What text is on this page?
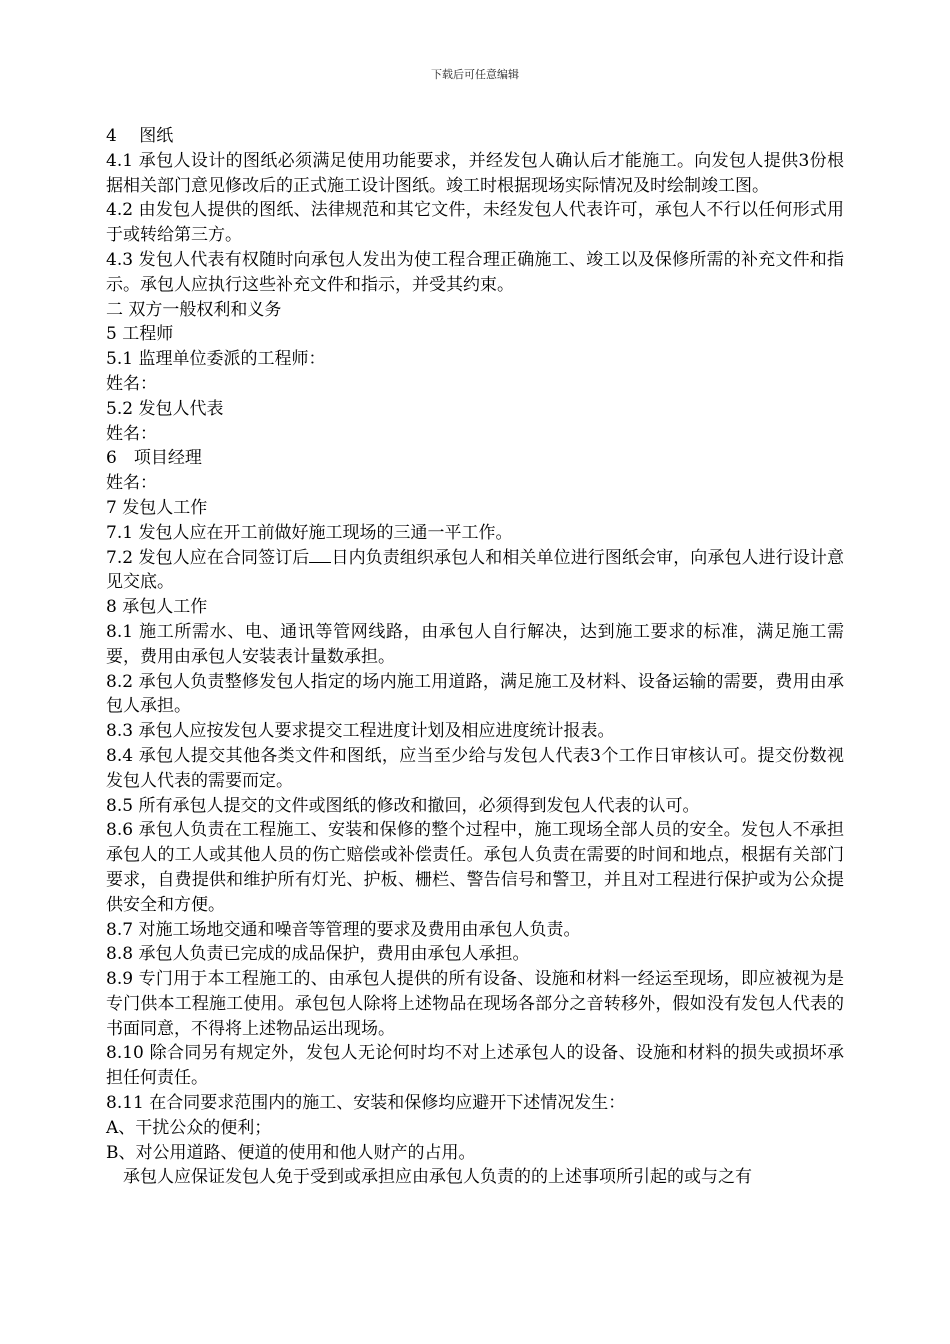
下载后可任意编辑

4　 图纸

4.1 承包人设计的图纸必须满足使用功能要求，并经发包人确认后才能施工。向发包人提供3份根据相关部门意见修改后的正式施工设计图纸。竣工时根据现场实际情况及时绘制竣工图。

4.2 由发包人提供的图纸、法律规范和其它文件，未经发包人代表许可，承包人不行以任何形式用于或转给第三方。

4.3 发包人代表有权随时向承包人发出为使工程合理正确施工、竣工以及保修所需的补充文件和指示。承包人应执行这些补充文件和指示，并受其约束。

二 双方一般权利和义务

5 工程师

5.1 监理单位委派的工程师：

姓名：

5.2 发包人代表

姓名：

6　项目经理

姓名：

7 发包人工作

7.1 发包人应在开工前做好施工现场的三通一平工作。

7.2 发包人应在合同签订后 日内负责组织承包人和相关单位进行图纸会审，向承包人进行设计意见交底。

8 承包人工作

8.1 施工所需水、电、通讯等管网线路，由承包人自行解决，达到施工要求的标准，满足施工需要，费用由承包人安装表计量数承担。

8.2 承包人负责整修发包人指定的场内施工用道路，满足施工及材料、设备运输的需要，费用由承包人承担。

8.3 承包人应按发包人要求提交工程进度计划及相应进度统计报表。

8.4 承包人提交其他各类文件和图纸，应当至少给与发包人代表3个工作日审核认可。提交份数视发包人代表的需要而定。

8.5 所有承包人提交的文件或图纸的修改和撤回，必须得到发包人代表的认可。

8.6 承包人负责在工程施工、安装和保修的整个过程中，施工现场全部人员的安全。发包人不承担承包人的工人或其他人员的伤亡赔偿或补偿责任。承包人负责在需要的时间和地点，根据有关部门要求，自费提供和维护所有灯光、护板、栅栏、警告信号和警卫，并且对工程进行保护或为公众提供安全和方便。

8.7 对施工场地交通和噪音等管理的要求及费用由承包人负责。

8.8 承包人负责已完成的成品保护，费用由承包人承担。

8.9 专门用于本工程施工的、由承包人提供的所有设备、设施和材料一经运至现场，即应被视为是专门供本工程施工使用。承包包人除将上述物品在现场各部分之音转移外，假如没有发包人代表的书面同意，不得将上述物品运出现场。

8.10 除合同另有规定外，发包人无论何时均不对上述承包人的设备、设施和材料的损失或损坏承担任何责任。

8.11 在合同要求范围内的施工、安装和保修均应避开下述情况发生：

A、干扰公众的便利；

B、对公用道路、便道的使用和他人财产的占用。

承包人应保证发包人免于受到或承担应由承包人负责的的上述事项所引起的或与之有
